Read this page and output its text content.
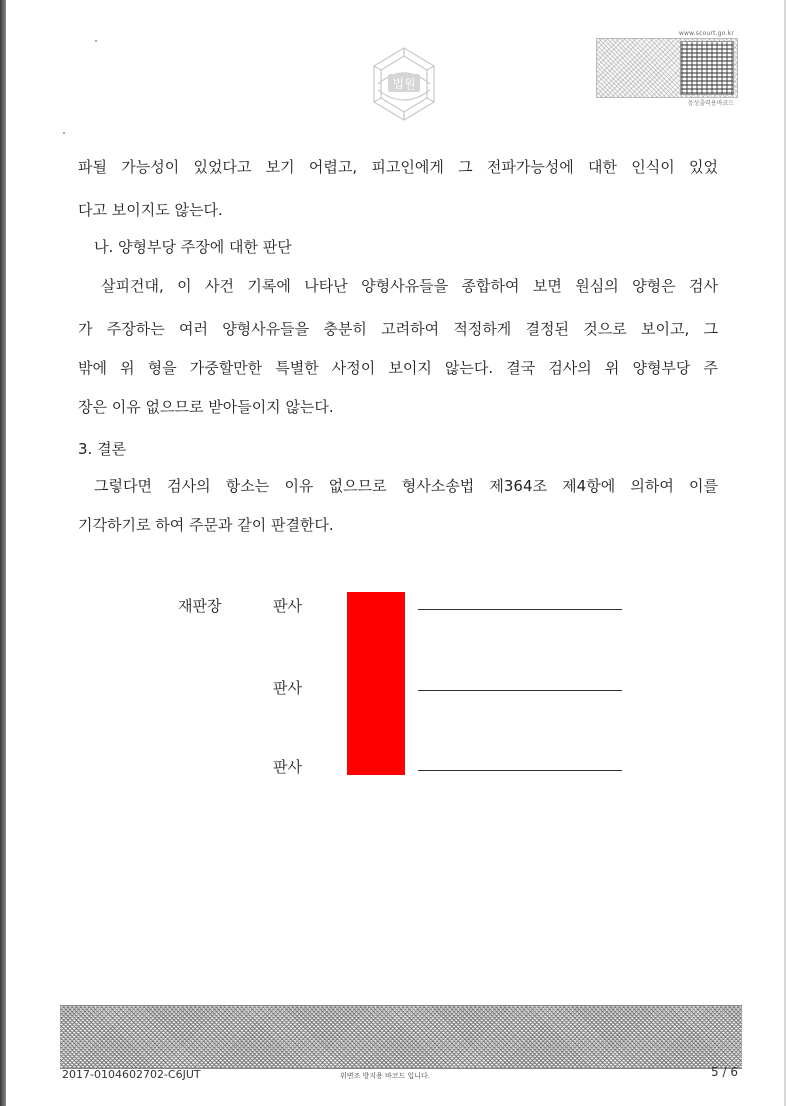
법원
www.scourt.go.kr
음성출력용바코드
파될 가능성이 있었다고 보기 어렵고, 피고인에게 그 전파가능성에 대한 인식이 있었
다고 보이지도 않는다.
나. 양형부당 주장에 대한 판단
살피건대, 이 사건 기록에 나타난 양형사유들을 종합하여 보면 원심의 양형은 검사
가 주장하는 여러 양형사유들을 충분히 고려하여 적정하게 결정된 것으로 보이고, 그
밖에 위 형을 가중할만한 특별한 사정이 보이지 않는다. 결국 검사의 위 양형부당 주
장은 이유 없으므로 받아들이지 않는다.
3. 결론
그렇다면 검사의 항소는 이유 없으므로 형사소송법 제364조 제4항에 의하여 이를
기각하기로 하여 주문과 같이 판결한다.
재판장	판사
판사
판사
2017-0104602702-C6JUT	위변조 방지용 바코드 입니다.	5 / 6
